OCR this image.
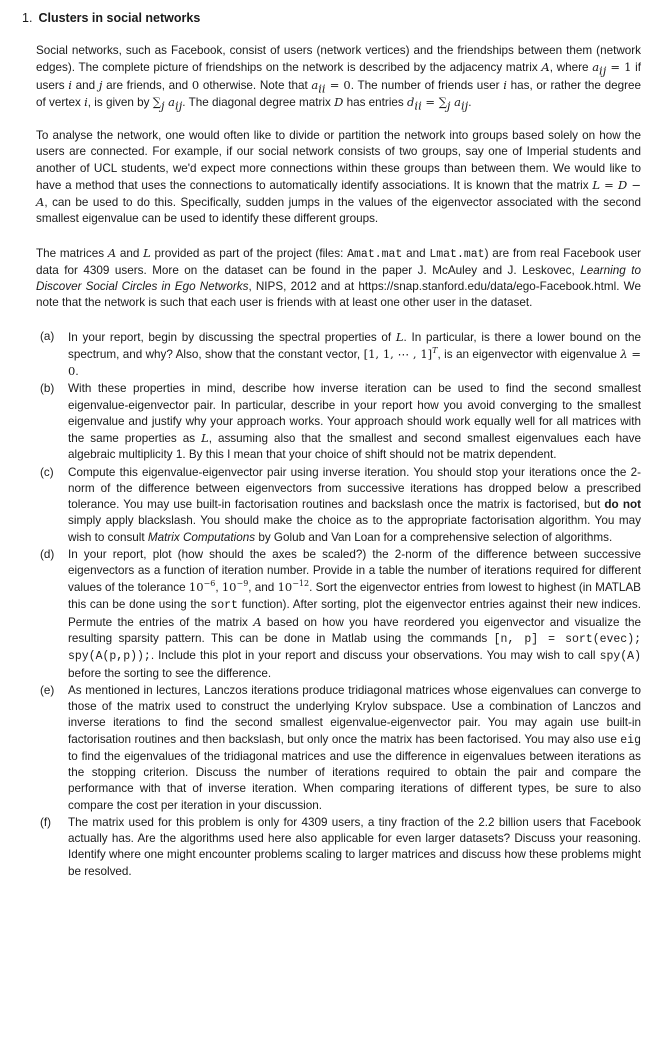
1. Clusters in social networks

Social networks, such as Facebook, consist of users (network vertices) and the friendships between them (network edges). The complete picture of friendships on the network is described by the adjacency matrix A, where $a_{ij} = 1$ if users i and j are friends, and 0 otherwise. Note that $a_{ii} = 0$. The number of friends user i has, or rather the degree of vertex i, is given by $\sum_j$ $a_{ij}$. The diagonal degree matrix D has entries $d_{ii} = \sum_j$ $a_{ij}$.

To analyse the network, one would often like to divide or partition the network into groups based solely on how the users are connected. For example, if our social network consists of two groups, say one of Imperial students and another of UCL students, we'd expect more connections within these groups than between them. We would like to have a method that uses the connections to automatically identify associations. It is known that the matrix L = D − A, can be used to do this. Specifically, sudden jumps in the values of the eigenvector associated with the second smallest eigenvalue can be used to identify these different groups.

The matrices A and L provided as part of the project (files: Amat.mat and Lmat.mat) are from real Facebook user data for 4309 users. More on the dataset can be found in the paper J. McAuley and J. Leskovec, Learning to Discover Social Circles in Ego Networks, NIPS, 2012 and at https://snap.stanford.edu/data/ego-Facebook.html. We note that the network is such that each user is friends with at least one other user in the dataset.

(a) In your report, begin by discussing the spectral properties of L. In particular, is there a lower bound on the spectrum, and why? Also, show that the constant vector, [1, 1, ⋯ , 1]$^T$, is an eigenvector with eigenvalue λ = 0.
(b) With these properties in mind, describe how inverse iteration can be used to find the second smallest eigenvalue-eigenvector pair. In particular, describe in your report how you avoid converging to the smallest eigenvalue and justify why your approach works. Your approach should work equally well for all matrices with the same properties as L, assuming also that the smallest and second smallest eigenvalues each have algebraic multiplicity 1. By this I mean that your choice of shift should not be matrix dependent.
(c) Compute this eigenvalue-eigenvector pair using inverse iteration. You should stop your iterations once the 2-norm of the difference between eigenvectors from successive iterations has dropped below a prescribed tolerance. You may use built-in factorisation routines and backslash once the matrix is factorised, but do not simply apply blackslash. You should make the choice as to the appropriate factorisation algorithm. You may wish to consult Matrix Computations by Golub and Van Loan for a comprehensive selection of algorithms.
(d) In your report, plot (how should the axes be scaled?) the 2-norm of the difference between successive eigenvectors as a function of iteration number. Provide in a table the number of iterations required for different values of the tolerance $10^{-6}$, $10^{-9}$, and $10^{-12}$. Sort the eigenvector entries from lowest to highest (in MATLAB this can be done using the sort function). After sorting, plot the eigenvector entries against their new indices. Permute the entries of the matrix A based on how you have reordered you eigenvector and visualize the resulting sparsity pattern. This can be done in Matlab using the commands [n, p] = sort(evec); spy(A(p,p));. Include this plot in your report and discuss your observations. You may wish to call spy(A) before the sorting to see the difference.
(e) As mentioned in lectures, Lanczos iterations produce tridiagonal matrices whose eigenvalues can converge to those of the matrix used to construct the underlying Krylov subspace. Use a combination of Lanczos and inverse iterations to find the second smallest eigenvalue-eigenvector pair. You may again use built-in factorisation routines and then backslash, but only once the matrix has been factorised. You may also use eig to find the eigenvalues of the tridiagonal matrices and use the difference in eigenvalues between iterations as the stopping criterion. Discuss the number of iterations required to obtain the pair and compare the performance with that of inverse iteration. When comparing iterations of different types, be sure to also compare the cost per iteration in your discussion.
(f) The matrix used for this problem is only for 4309 users, a tiny fraction of the 2.2 billion users that Facebook actually has. Are the algorithms used here also applicable for even larger datasets? Discuss your reasoning. Identify where one might encounter problems scaling to larger matrices and discuss how these problems might be resolved.
